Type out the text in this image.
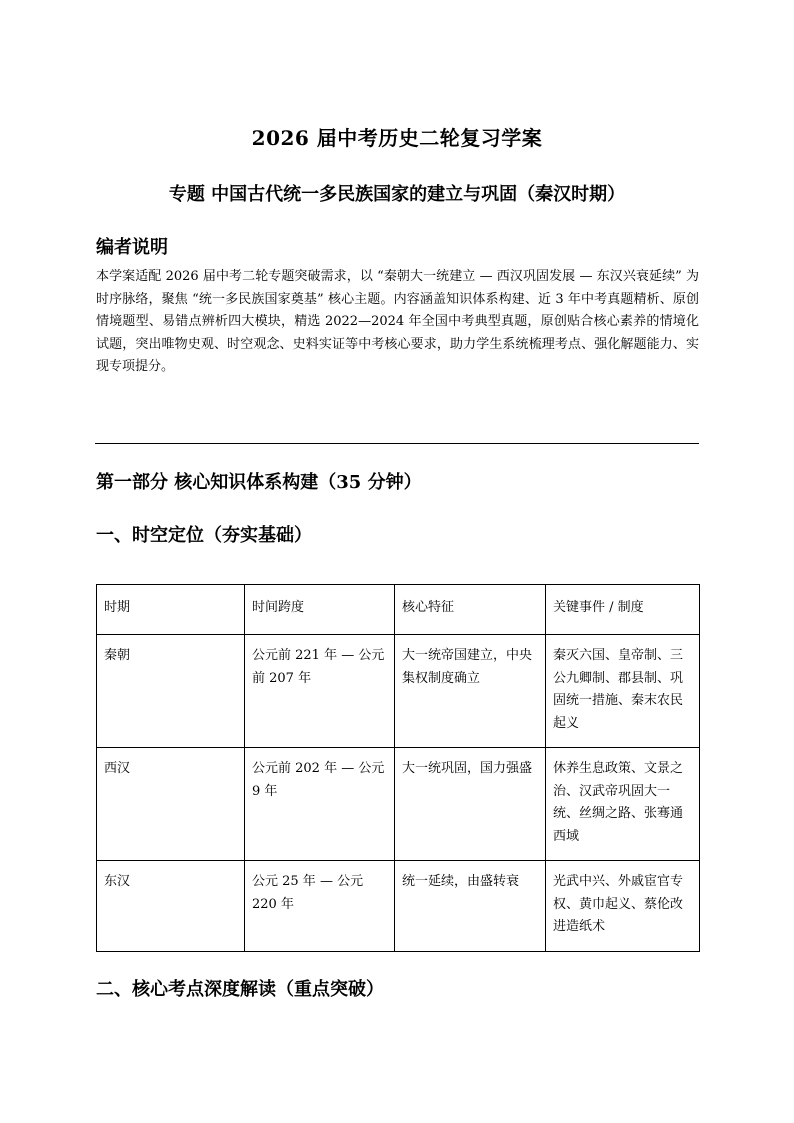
2026 届中考历史二轮复习学案
专题 中国古代统一多民族国家的建立与巩固（秦汉时期）
编者说明

本学案适配 2026 届中考二轮专题突破需求，以 “秦朝大一统建立 — 西汉巩固发展 — 东汉兴衰延续” 为时序脉络，聚焦 “统一多民族国家奠基” 核心主题。内容涵盖知识体系构建、近 3 年中考真题精析、原创情境题型、易错点辨析四大模块，精选 2022—2024 年全国中考典型真题，原创贴合核心素养的情境化试题，突出唯物史观、时空观念、史料实证等中考核心要求，助力学生系统梳理考点、强化解题能力、实现专项提分。

第一部分 核心知识体系构建（35 分钟）
一、时空定位（夯实基础）
时期	时间跨度	核心特征	关键事件 / 制度
秦朝	公元前 221 年 — 公元前 207 年	大一统帝国建立，中央集权制度确立	秦灭六国、皇帝制、三公九卿制、郡县制、巩固统一措施、秦末农民起义
西汉	公元前 202 年 — 公元 9 年	大一统巩固，国力强盛	休养生息政策、文景之治、汉武帝巩固大一统、丝绸之路、张骞通西域
东汉	公元 25 年 — 公元 220 年	统一延续，由盛转衰	光武中兴、外戚宦官专权、黄巾起义、蔡伦改进造纸术
二、核心考点深度解读（重点突破）
